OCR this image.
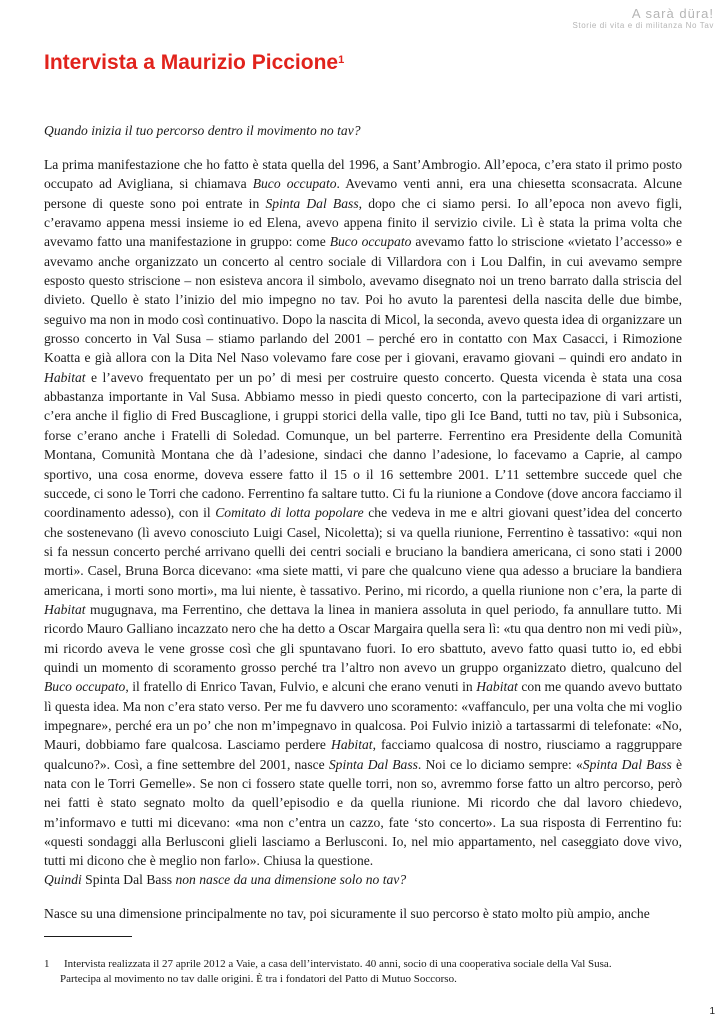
A sarà düra!
Storie di vita e di militanza No Tav
Intervista a Maurizio Piccione$^1$

Quando inizia il tuo percorso dentro il movimento no tav?

La prima manifestazione che ho fatto è stata quella del 1996, a Sant’Ambrogio. All’epoca, c’era stato il primo posto occupato ad Avigliana, si chiamava Buco occupato. Avevamo venti anni, era una chiesetta sconsacrata. Alcune persone di queste sono poi entrate in Spinta Dal Bass, dopo che ci siamo persi. Io all’epoca non avevo figli, c’eravamo appena messi insieme io ed Elena, avevo appena finito il servizio civile. Lì è stata la prima volta che avevamo fatto una manifestazione in gruppo: come Buco occupato avevamo fatto lo striscione «vietato l’accesso» e avevamo anche organizzato un concerto al centro sociale di Villardora con i Lou Dalfin, in cui avevamo sempre esposto questo striscione – non esisteva ancora il simbolo, avevamo disegnato noi un treno barrato dalla striscia del divieto. Quello è stato l’inizio del mio impegno no tav. Poi ho avuto la parentesi della nascita delle due bimbe, seguivo ma non in modo così continuativo. Dopo la nascita di Micol, la seconda, avevo questa idea di organizzare un grosso concerto in Val Susa – stiamo parlando del 2001 – perché ero in contatto con Max Casacci, i Rimozione Koatta e già allora con la Dita Nel Naso volevamo fare cose per i giovani, eravamo giovani – quindi ero andato in Habitat e l’avevo frequentato per un po’ di mesi per costruire questo concerto. Questa vicenda è stata una cosa abbastanza importante in Val Susa. Abbiamo messo in piedi questo concerto, con la partecipazione di vari artisti, c’era anche il figlio di Fred Buscaglione, i gruppi storici della valle, tipo gli Ice Band, tutti no tav, più i Subsonica, forse c’erano anche i Fratelli di Soledad. Comunque, un bel parterre. Ferrentino era Presidente della Comunità Montana, Comunità Montana che dà l’adesione, sindaci che danno l’adesione, lo facevamo a Caprie, al campo sportivo, una cosa enorme, doveva essere fatto il 15 o il 16 settembre 2001. L’11 settembre succede quel che succede, ci sono le Torri che cadono. Ferrentino fa saltare tutto. Ci fu la riunione a Condove (dove ancora facciamo il coordinamento adesso), con il Comitato di lotta popolare che vedeva in me e altri giovani quest’idea del concerto che sostenevano (lì avevo conosciuto Luigi Casel, Nicoletta); si va quella riunione, Ferrentino è tassativo: «qui non si fa nessun concerto perché arrivano quelli dei centri sociali e bruciano la bandiera americana, ci sono stati i 2000 morti». Casel, Bruna Borca dicevano: «ma siete matti, vi pare che qualcuno viene qua adesso a bruciare la bandiera americana, i morti sono morti», ma lui niente, è tassativo. Perino, mi ricordo, a quella riunione non c’era, la parte di Habitat mugugnava, ma Ferrentino, che dettava la linea in maniera assoluta in quel periodo, fa annullare tutto. Mi ricordo Mauro Galliano incazzato nero che ha detto a Oscar Margaira quella sera lì: «tu qua dentro non mi vedi più», mi ricordo aveva le vene grosse così che gli spuntavano fuori. Io ero sbattuto, avevo fatto quasi tutto io, ed ebbi quindi un momento di scoramento grosso perché tra l’altro non avevo un gruppo organizzato dietro, qualcuno del Buco occupato, il fratello di Enrico Tavan, Fulvio, e alcuni che erano venuti in Habitat con me quando avevo buttato lì questa idea. Ma non c’era stato verso. Per me fu davvero uno scoramento: «vaffanculo, per una volta che mi voglio impegnare», perché era un po’ che non m’impegnavo in qualcosa. Poi Fulvio iniziò a tartassarmi di telefonate: «No, Mauri, dobbiamo fare qualcosa. Lasciamo perdere Habitat, facciamo qualcosa di nostro, riusciamo a raggruppare qualcuno?». Così, a fine settembre del 2001, nasce Spinta Dal Bass. Noi ce lo diciamo sempre: «Spinta Dal Bass è nata con le Torri Gemelle». Se non ci fossero state quelle torri, non so, avremmo forse fatto un altro percorso, però nei fatti è stato segnato molto da quell’episodio e da quella riunione. Mi ricordo che dal lavoro chiedevo, m’informavo e tutti mi dicevano: «ma non c’entra un cazzo, fate ‘sto concerto». La sua risposta di Ferrentino fu: «questi sondaggi alla Berlusconi glieli lasciamo a Berlusconi. Io, nel mio appartamento, nel caseggiato dove vivo, tutti mi dicono che è meglio non farlo». Chiusa la questione.

Quindi Spinta Dal Bass non nasce da una dimensione solo no tav?

Nasce su una dimensione principalmente no tav, poi sicuramente il suo percorso è stato molto più ampio, anche

1 Intervista realizzata il 27 aprile 2012 a Vaie, a casa dell’intervistato. 40 anni, socio di una cooperativa sociale della Val Susa.
Partecipa al movimento no tav dalle origini. È tra i fondatori del Patto di Mutuo Soccorso.
1
